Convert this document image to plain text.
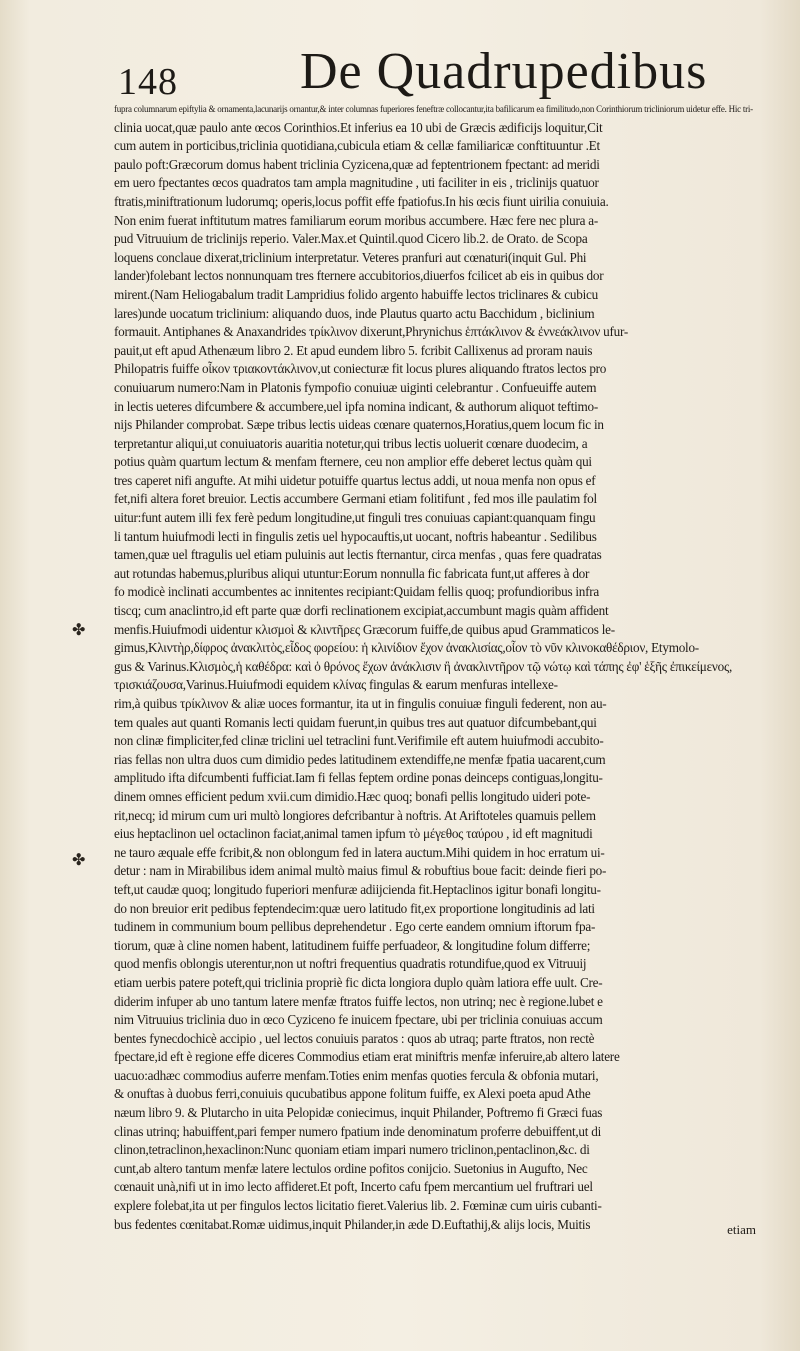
148 De Quadrupedibus
✤
✤
fupra columnarum epiftylia & ornamenta,lacunarijs ornantur,& inter columnas fuperiores feneftræ collocantur,ita bafilicarum ea fimilitudo,non Corinthiorum tricliniorum uidetur effe. Hic tri-
clinia uocat,quæ paulo ante œcos Corinthios.Et inferius ea 10 ubi de Græcis ædificijs loquitur,Cit
cum autem in porticibus,triclinia quotidiana,cubicula etiam & cellæ familiaricæ conftituuntur .Et
paulo poft:Græcorum domus habent triclinia Cyzicena,quæ ad feptentrionem fpectant: ad meridi
em uero fpectantes œcos quadratos tam ampla magnitudine , uti faciliter in eis , triclinijs quatuor
ftratis,miniftrationum ludorumq; operis,locus poffit effe fpatiofus.In his œcis fiunt uirilia conuiuia.
Non enim fuerat inftitutum matres familiarum eorum moribus accumbere. Hæc fere nec plura a-
pud Vitruuium de triclinijs reperio. Valer.Max.et Quintil.quod Cicero lib.2. de Orato. de Scopa
loquens conclaue dixerat,triclinium interpretatur. Veteres pranfuri aut cœnaturi(inquit Gul. Phi
lander)folebant lectos nonnunquam tres fternere accubitorios,diuerfos fcilicet ab eis in quibus dor
mirent.(Nam Heliogabalum tradit Lampridius folido argento habuiffe lectos triclinares & cubicu
lares)unde uocatum triclinium: aliquando duos, inde Plautus quarto actu Bacchidum , biclinium
formauit. Antiphanes & Anaxandrides τρίκλινον dixerunt,Phrynichus ἑπτάκλινον & ἐννεάκλινον ufur-
pauit,ut eft apud Athenæum libro 2. Et apud eundem libro 5. fcribit Callixenus ad proram nauis
Philopatris fuiffe οἶκον τριακοντάκλινον,ut coniecturæ fit locus plures aliquando ftratos lectos pro
conuiuarum numero:Nam in Platonis fympofio conuiuæ uiginti celebrantur . Confueuiffe autem
in lectis ueteres difcumbere & accumbere,uel ipfa nomina indicant, & authorum aliquot teftimo-
nijs Philander comprobat. Sæpe tribus lectis uideas cœnare quaternos,Horatius,quem locum fic in
terpretantur aliqui,ut conuiuatoris auaritia notetur,qui tribus lectis uoluerit cœnare duodecim, a
potius quàm quartum lectum & menfam fternere, ceu non amplior effe deberet lectus quàm qui
tres caperet nifi angufte. At mihi uidetur potuiffe quartus lectus addi, ut noua menfa non opus ef
fet,nifi altera foret breuior. Lectis accumbere Germani etiam folitifunt , fed mos ille paulatim fol
uitur:funt autem illi fex ferè pedum longitudine,ut finguli tres conuiuas capiant:quanquam fingu
li tantum huiufmodi lecti in fingulis zetis uel hypocauftis,ut uocant, noftris habeantur . Sedilibus
tamen,quæ uel ftragulis uel etiam puluinis aut lectis fternantur, circa menfas , quas fere quadratas
aut rotundas habemus,pluribus aliqui utuntur:Eorum nonnulla fic fabricata funt,ut afferes à dor
fo modicè inclinati accumbentes ac innitentes recipiant:Quidam fellis quoq; profundioribus infra
tiscq; cum anaclintro,id eft parte quæ dorfi reclinationem excipiat,accumbunt magis quàm affident
menfis.Huiufmodi uidentur κλισμοὶ & κλιντῆρες Græcorum fuiffe,de quibus apud Grammaticos le-
gimus,Κλιντὴρ,δίφρος ἀνακλιτὸς,εἶδος φορείου: ἡ κλινίδιον ἔχον ἀνακλισίας,οἷον τὸ νῦν κλινοκαθέδριον, Etymolo-
gus & Varinus.Κλισμὸς,ἡ καθέδρα: καὶ ὁ θρόνος ἔχων ἀνάκλισιν ἢ ἀνακλιντῆρον τῷ νώτῳ καὶ τάπης ἐφ' ἑξῆς ἐπικείμενος,
τρισκιάζουσα,Varinus.Huiufmodi equidem κλίνας fingulas & earum menfuras intellexe-
rim,à quibus τρίκλινον & aliæ uoces formantur, ita ut in fingulis conuiuæ finguli federent, non au-
tem quales aut quanti Romanis lecti quidam fuerunt,in quibus tres aut quatuor difcumbebant,qui
non clinæ fimpliciter,fed clinæ triclini uel tetraclini funt.Verifimile eft autem huiufmodi accubito-
rias fellas non ultra duos cum dimidio pedes latitudinem extendiffe,ne menfæ fpatia uacarent,cum
amplitudo ifta difcumbenti fufficiat.Iam fi fellas feptem ordine ponas deinceps contiguas,longitu-
dinem omnes efficient pedum xvii.cum dimidio.Hæc quoq; bonafi pellis longitudo uideri pote-
rit,necq; id mirum cum uri multò longiores defcribantur à noftris. At Ariftoteles quamuis pellem
eius heptaclinon uel octaclinon faciat,animal tamen ipfum τὸ μέγεθος ταύρου , id eft magnitudi
ne tauro æquale effe fcribit,& non oblongum fed in latera auctum.Mihi quidem in hoc erratum ui-
detur : nam in Mirabilibus idem animal multò maius fimul & robuftius boue facit: deinde fieri po-
teft,ut caudæ quoq; longitudo fuperiori menfuræ adiijcienda fit.Heptaclinos igitur bonafi longitu-
do non breuior erit pedibus feptendecim:quæ uero latitudo fit,ex proportione longitudinis ad lati
tudinem in communium boum pellibus deprehendetur . Ego certe eandem omnium iftorum fpa-
tiorum, quæ à cline nomen habent, latitudinem fuiffe perfuadeor, & longitudine folum differre;
quod menfis oblongis uterentur,non ut noftri frequentius quadratis rotundifue,quod ex Vitruuij
etiam uerbis patere poteft,qui triclinia propriè fic dicta longiora duplo quàm latiora effe uult. Cre-
diderim infuper ab uno tantum latere menfæ ftratos fuiffe lectos, non utrinq; nec è regione.lubet e
nim Vitruuius triclinia duo in œco Cyziceno fe inuicem fpectare, ubi per triclinia conuiuas accum
bentes fynecdochicè accipio , uel lectos conuiuis paratos : quos ab utraq; parte ftratos, non rectè
fpectare,id eft è regione effe diceres Commodius etiam erat miniftris menfæ inferuire,ab altero latere
uacuo:adhæc commodius auferre menfam.Toties enim menfas quoties fercula & obfonia mutari,
& onuftas à duobus ferri,conuiuis qucubatibus appone folitum fuiffe, ex Alexi poeta apud Athe
næum libro 9. & Plutarcho in uita Pelopidæ coniecimus, inquit Philander, Poftremo fi Græci fuas
clinas utrinq; habuiffent,pari femper numero fpatium inde denominatum proferre debuiffent,ut di
clinon,tetraclinon,hexaclinon:Nunc quoniam etiam impari numero triclinon,pentaclinon,&c. di
cunt,ab altero tantum menfæ latere lectulos ordine pofitos conijcio. Suetonius in Augufto, Nec
cœnauit unà,nifi ut in imo lecto affideret.Et poft, Incerto cafu fpem mercantium uel fruftrari uel
explere folebat,ita ut per fingulos lectos licitatio fieret.Valerius lib. 2. Fœminæ cum uiris cubanti-
bus fedentes cœnitabat.Romæ uidimus,inquit Philander,in æde D.Euftathij,& alijs locis, Muitis	etiam
